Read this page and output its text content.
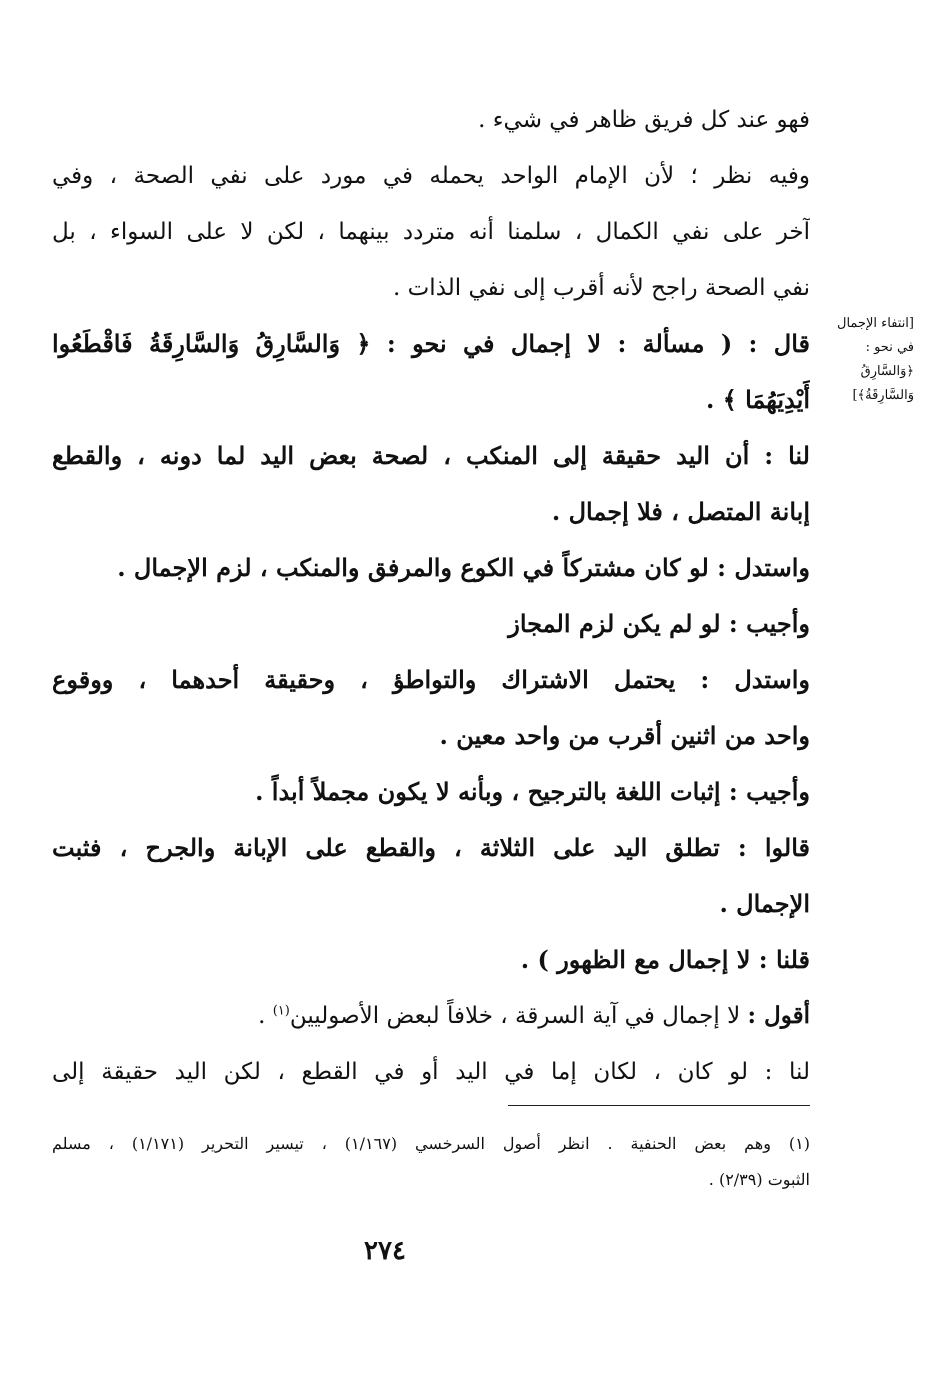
[انتفاء الإجمال
في نحو :
﴿وَالسَّارِقُ
وَالسَّارِقَةُ﴾]
فهو عند كل فريق ظاهر في شيء .
وفيه نظر ؛ لأن الإمام الواحد يحمله في مورد على نفي الصحة ، وفي
آخر على نفي الكمال ، سلمنا أنه متردد بينهما ، لكن لا على السواء ، بل
نفي الصحة راجح لأنه أقرب إلى نفي الذات .
قال : ( مسألة : لا إجمال في نحو : ﴿ وَالسَّارِقُ وَالسَّارِقَةُ فَاقْطَعُوا
أَيْدِيَهُمَا ﴾ .
لنا : أن اليد حقيقة إلى المنكب ، لصحة بعض اليد لما دونه ، والقطع
إبانة المتصل ، فلا إجمال .
واستدل : لو كان مشتركاً في الكوع والمرفق والمنكب ، لزم الإجمال .
وأجيب : لو لم يكن لزم المجاز
واستدل : يحتمل الاشتراك والتواطؤ ، وحقيقة أحدهما ، ووقوع
واحد من اثنين أقرب من واحد معين .
وأجيب : إثبات اللغة بالترجيح ، وبأنه لا يكون مجملاً أبداً .
قالوا : تطلق اليد على الثلاثة ، والقطع على الإبانة والجرح ، فثبت
الإجمال .
قلنا : لا إجمال مع الظهور ) .
أقول : لا إجمال في آية السرقة ، خلافاً لبعض الأصوليين$^{(١)}$ .
لنا : لو كان ، لكان إما في اليد أو في القطع ، لكن اليد حقيقة إلى
(١) وهم بعض الحنفية . انظر أصول السرخسي (١/١٦٧) ، تيسير التحرير (١/١٧١) ، مسلم
الثبوت (٢/٣٩) .
٢٧٤
